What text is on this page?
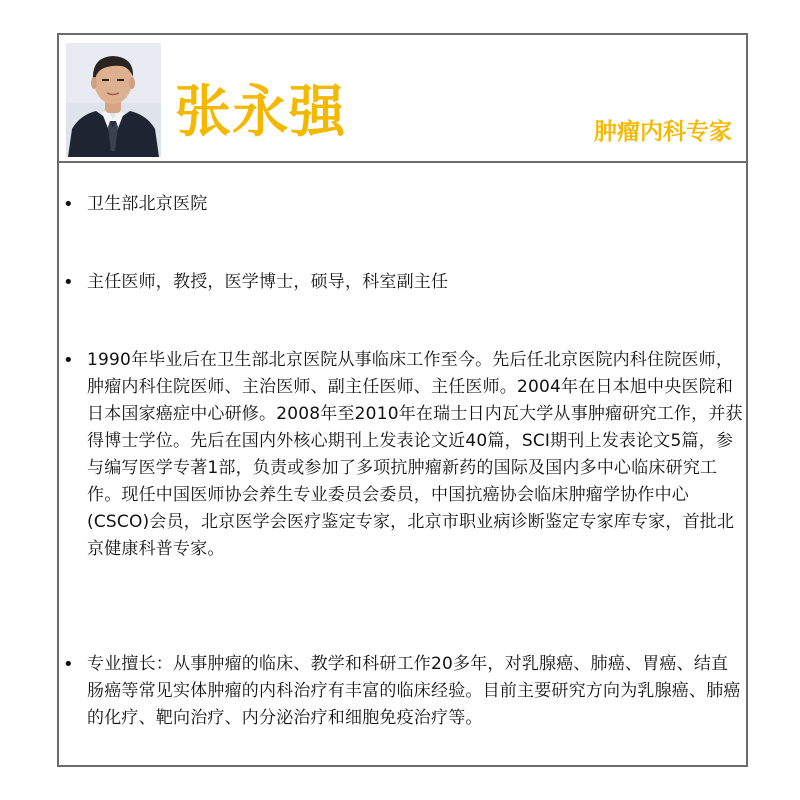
张永强	肿瘤内科专家
• 卫生部北京医院
• 主任医师，教授，医学博士，硕导，科室副主任
• 1990年毕业后在卫生部北京医院从事临床工作至今。先后任北京医院内科住院医师，肿瘤内科住院医师、主治医师、副主任医师、主任医师。2004年在日本旭中央医院和日本国家癌症中心研修。2008年至2010年在瑞士日内瓦大学从事肿瘤研究工作，并获得博士学位。先后在国内外核心期刊上发表论文近40篇，SCI期刊上发表论文5篇，参与编写医学专著1部，负责或参加了多项抗肿瘤新药的国际及国内多中心临床研究工作。现任中国医师协会养生专业委员会委员，中国抗癌协会临床肿瘤学协作中心(CSCO)会员，北京医学会医疗鉴定专家，北京市职业病诊断鉴定专家库专家，首批北京健康科普专家。
• 专业擅长：从事肿瘤的临床、教学和科研工作20多年，对乳腺癌、肺癌、胃癌、结直肠癌等常见实体肿瘤的内科治疗有丰富的临床经验。目前主要研究方向为乳腺癌、肺癌的化疗、靶向治疗、内分泌治疗和细胞免疫治疗等。
